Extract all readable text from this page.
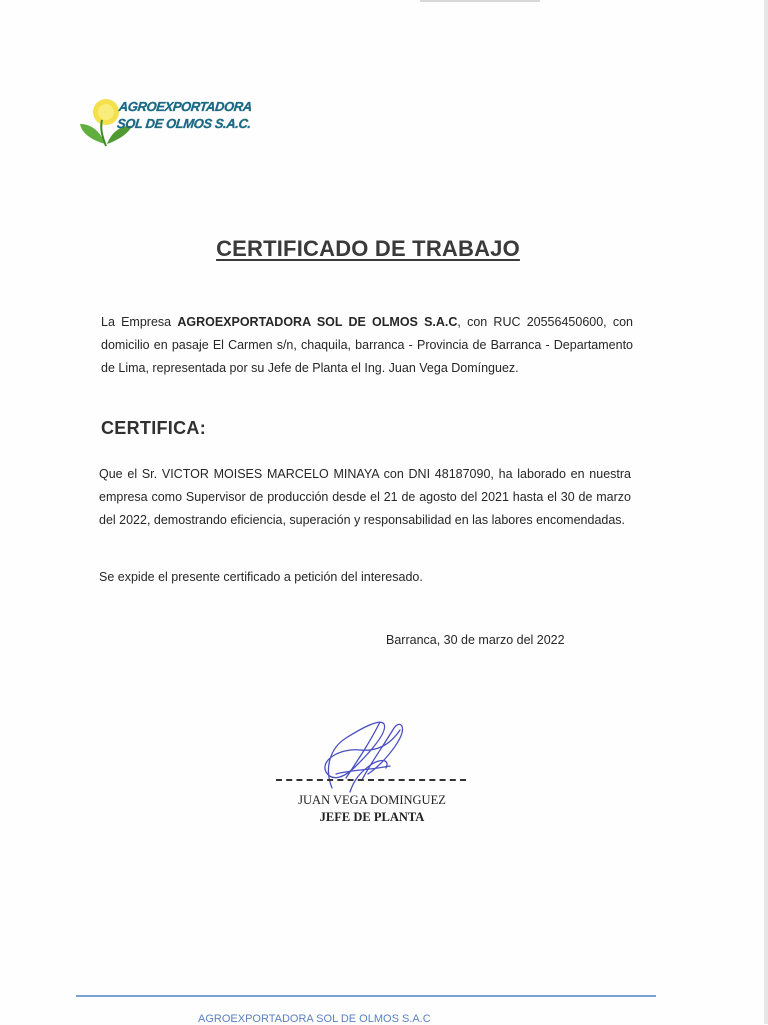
AGROEXPORTADORA
SOL DE OLMOS S.A.C.
CERTIFICADO DE TRABAJO
La Empresa AGROEXPORTADORA SOL DE OLMOS S.A.C, con RUC 20556450600, con domicilio en pasaje El Carmen s/n, chaquila, barranca - Provincia de Barranca - Departamento de Lima, representada por su Jefe de Planta el Ing. Juan Vega Domínguez.
CERTIFICA:
Que el Sr. VICTOR MOISES MARCELO MINAYA con DNI 48187090, ha laborado en nuestra empresa como Supervisor de producción desde el 21 de agosto del 2021 hasta el 30 de marzo del 2022, demostrando eficiencia, superación y responsabilidad en las labores encomendadas.
Se expide el presente certificado a petición del interesado.
Barranca, 30 de marzo del 2022
JUAN VEGA DOMINGUEZ
JEFE DE PLANTA
AGROEXPORTADORA SOL DE OLMOS S.A.C
